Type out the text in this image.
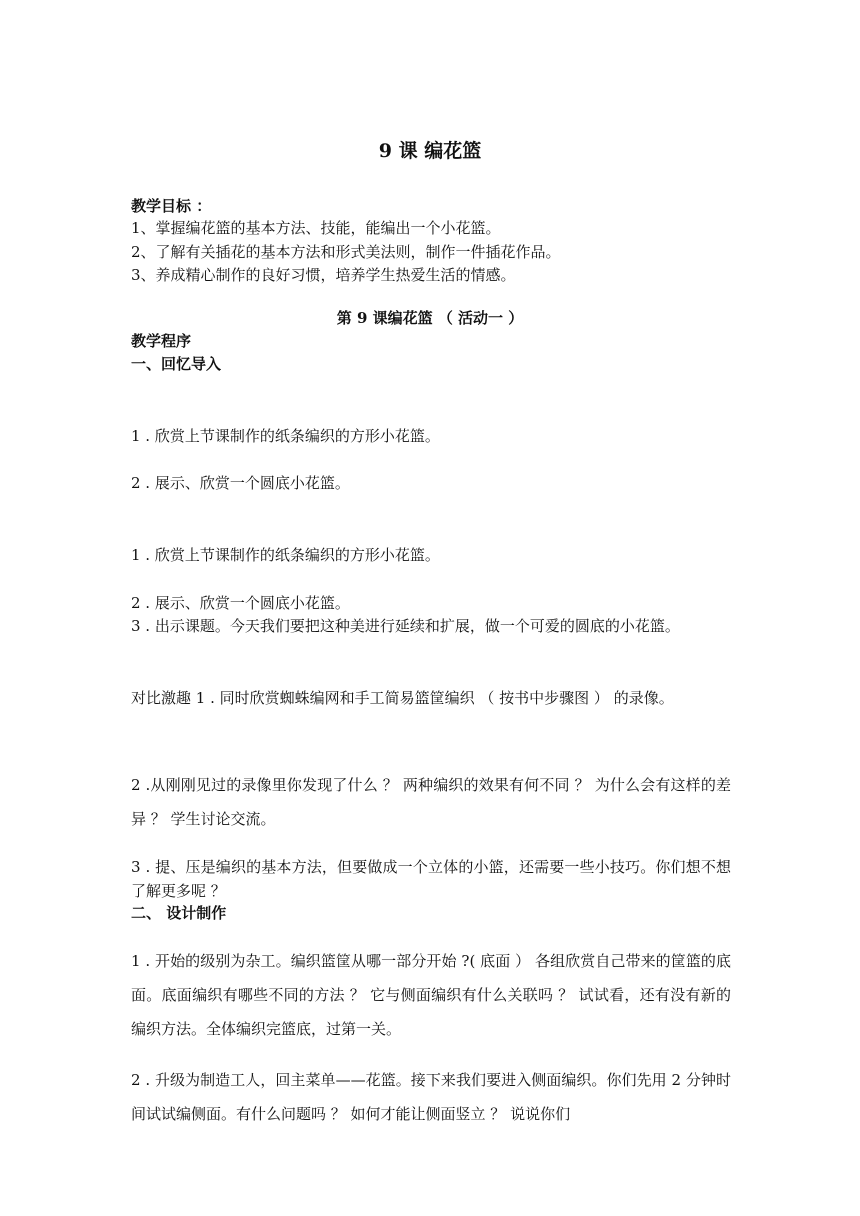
9 课 编花篮
教学目标 ：
1、掌握编花篮的基本方法、技能，能编出一个小花篮。
2、了解有关插花的基本方法和形式美法则，制作一件插花作品。
3、养成精心制作的良好习惯，培养学生热爱生活的情感。
第 9 课编花篮 （ 活动一 ）
教学程序
一、回忆导入
1 . 欣赏上节课制作的纸条编织的方形小花篮。
2 . 展示、欣赏一个圆底小花篮。
1 . 欣赏上节课制作的纸条编织的方形小花篮。
2 . 展示、欣赏一个圆底小花篮。
3 . 出示课题。今天我们要把这种美进行延续和扩展，做一个可爱的圆底的小花篮。
对比激趣 1 . 同时欣赏蜘蛛编网和手工简易篮筐编织 （ 按书中步骤图 ） 的录像。
2 .从刚刚见过的录像里你发现了什么 ？ 两种编织的效果有何不同 ？ 为什么会有这样的差异 ？ 学生讨论交流。
3 . 提、压是编织的基本方法，但要做成一个立体的小篮，还需要一些小技巧。你们想不想了解更多呢 ？
二、 设计制作
1 . 开始的级别为杂工。编织篮筐从哪一部分开始 ?( 底面 ） 各组欣赏自己带来的筐篮的底面。底面编织有哪些不同的方法 ？ 它与侧面编织有什么关联吗 ？ 试试看，还有没有新的编织方法。全体编织完篮底，过第一关。
2 . 升级为制造工人，回主菜单——花篮。接下来我们要进入侧面编织。你们先用 2 分钟时间试试编侧面。有什么问题吗 ？ 如何才能让侧面竖立 ？ 说说你们
